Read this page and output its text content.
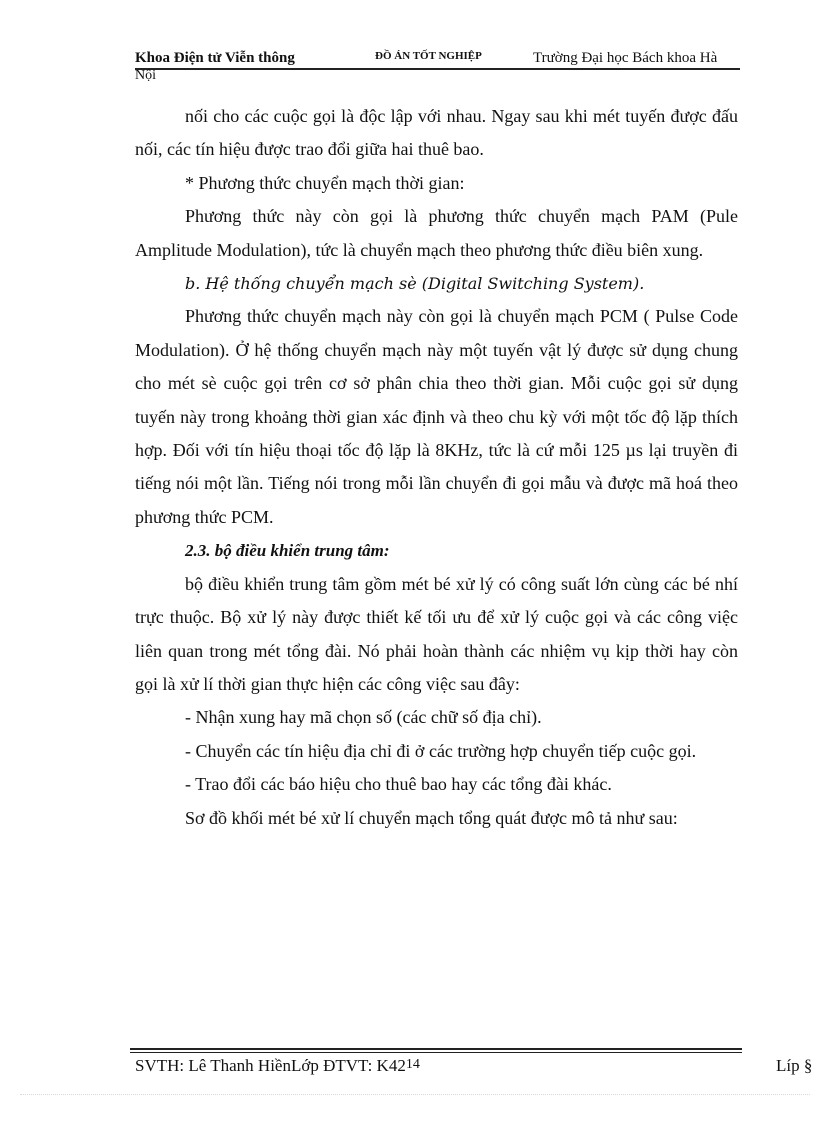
Khoa Điện tử Viễn thông	ĐỒ ÁN TỐT NGHIỆP	Trường Đại học Bách khoa Hà
Nội

nối cho các cuộc gọi là độc lập với nhau. Ngay sau khi mét tuyến được đấu nối, các tín hiệu được trao đổi giữa hai thuê bao.

* Phương thức chuyển mạch thời gian:

Phương thức này còn gọi là phương thức chuyển mạch PAM (Pule Amplitude Modulation), tức là chuyển mạch theo phương thức điều biên xung.

b. Hệ thống chuyển mạch sè (Digital Switching System).

Phương thức chuyển mạch này còn gọi là chuyển mạch PCM ( Pulse Code Modulation). Ở hệ thống chuyển mạch này một tuyến vật lý được sử dụng chung cho mét sè cuộc gọi trên cơ sở phân chia theo thời gian. Mỗi cuộc gọi sử dụng tuyến này trong khoảng thời gian xác định và theo chu kỳ với một tốc độ lặp thích hợp. Đối với tín hiệu thoại tốc độ lặp là 8KHz, tức là cứ mỗi 125 µs lại truyền đi tiếng nói một lần. Tiếng nói trong mỗi lần chuyển đi gọi mẫu và được mã hoá theo phương thức PCM.

2.3. bộ điều khiển trung tâm:

bộ điều khiển trung tâm gồm mét bé xử lý có công suất lớn cùng các bé nhí trực thuộc. Bộ xử lý này được thiết kế tối ưu để xử lý cuộc gọi và các công việc liên quan trong mét tổng đài. Nó phải hoàn thành các nhiệm vụ kịp thời hay còn gọi là xử lí thời gian thực hiện các công việc sau đây:

- Nhận xung hay mã chọn số (các chữ số địa chỉ).

- Chuyển các tín hiệu địa chỉ đi ở các trường hợp chuyển tiếp cuộc gọi.

- Trao đổi các báo hiệu cho thuê bao hay các tổng đài khác.

Sơ đồ khối mét bé xử lí chuyển mạch tổng quát được mô tả như sau:

SVTH: Lê Thanh HiềnLớp ĐTVT: K4214	Líp §
